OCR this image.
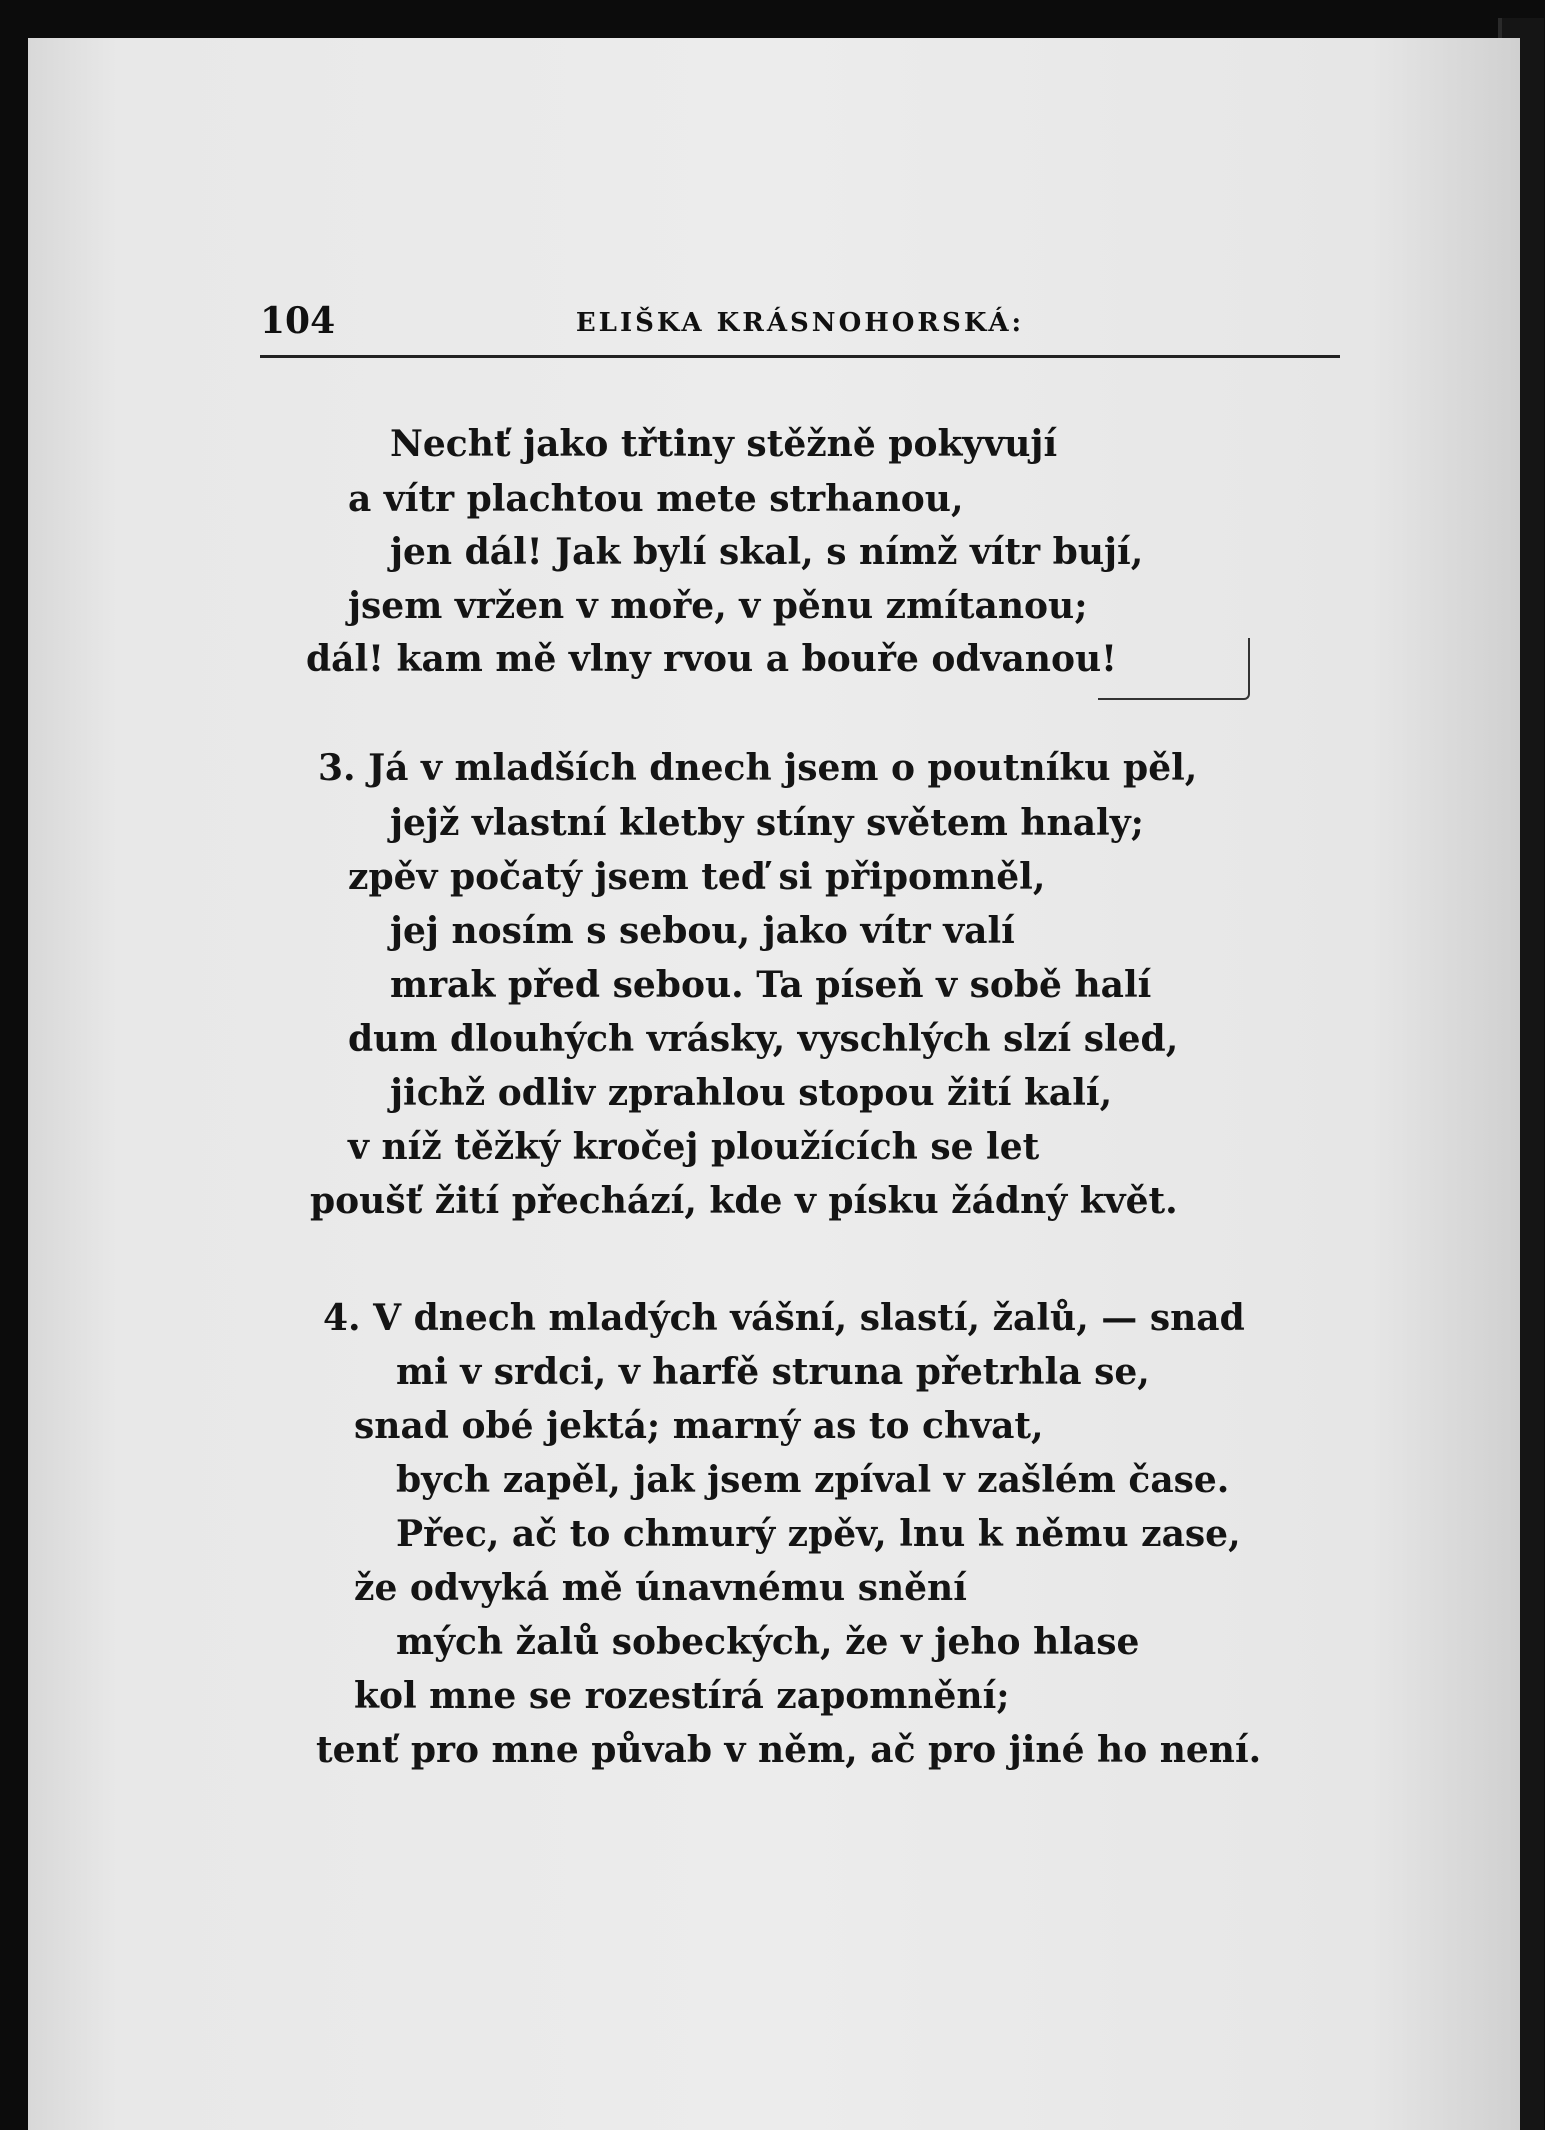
104	ELIŠKA KRÁSNOHORSKÁ:
Nechť jako třtiny stěžně pokyvují
a vítr plachtou mete strhanou,
jen dál! Jak bylí skal, s nímž vítr bují,
jsem vržen v moře, v pěnu zmítanou;
dál! kam mě vlny rvou a bouře odvanou!
3. Já v mladších dnech jsem o poutníku pěl,
jejž vlastní kletby stíny světem hnaly;
zpěv počatý jsem teď si připomněl,
jej nosím s sebou, jako vítr valí
mrak před sebou. Ta píseň v sobě halí
dum dlouhých vrásky, vyschlých slzí sled,
jichž odliv zprahlou stopou žití kalí,
v níž těžký kročej ploužících se let
poušť žití přechází, kde v písku žádný květ.
4. V dnech mladých vášní, slastí, žalů, — snad
mi v srdci, v harfě struna přetrhla se,
snad obé jektá; marný as to chvat,
bych zapěl, jak jsem zpíval v zašlém čase.
Přec, ač to chmurý zpěv, lnu k němu zase,
že odvyká mě únavnému snění
mých žalů sobeckých, že v jeho hlase
kol mne se rozestírá zapomnění;
tenť pro mne půvab v něm, ač pro jiné ho není.
